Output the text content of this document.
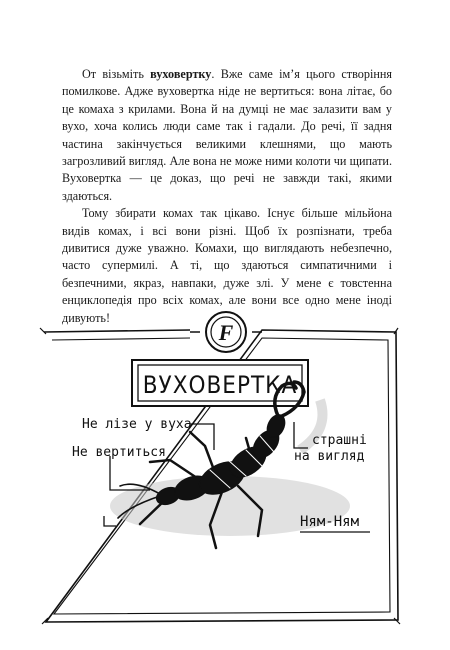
От візьміть вуховертку. Вже саме ім’я цього створіння помилкове. Адже вуховертка ніде не вертиться: вона літає, бо це комаха з крилами. Вона й на думці не має залазити вам у вухо, хоча колись люди саме так і гадали. До речі, її задня частина закінчується великими клешнями, що мають загрозливий вигляд. Але вона не може ними колоти чи щипати. Вуховертка — це доказ, що речі не завжди такі, якими здаються.

Тому збирати комах так цікаво. Існує більше мільйона видів комах, і всі вони різні. Щоб їх розпізнати, треба дивитися дуже уважно. Комахи, що виглядають небезпечно, часто супермилі. А ті, що здаються симпатичними і безпечними, якраз, навпаки, дуже злі. У мене є товстенна енциклопедія про всіх комах, але вони все одно мене іноді дивують!

F
ВУХОВЕРТКА
Не лізе у вуха
Не вертиться
страшні
на вигляд
Ням-Ням
